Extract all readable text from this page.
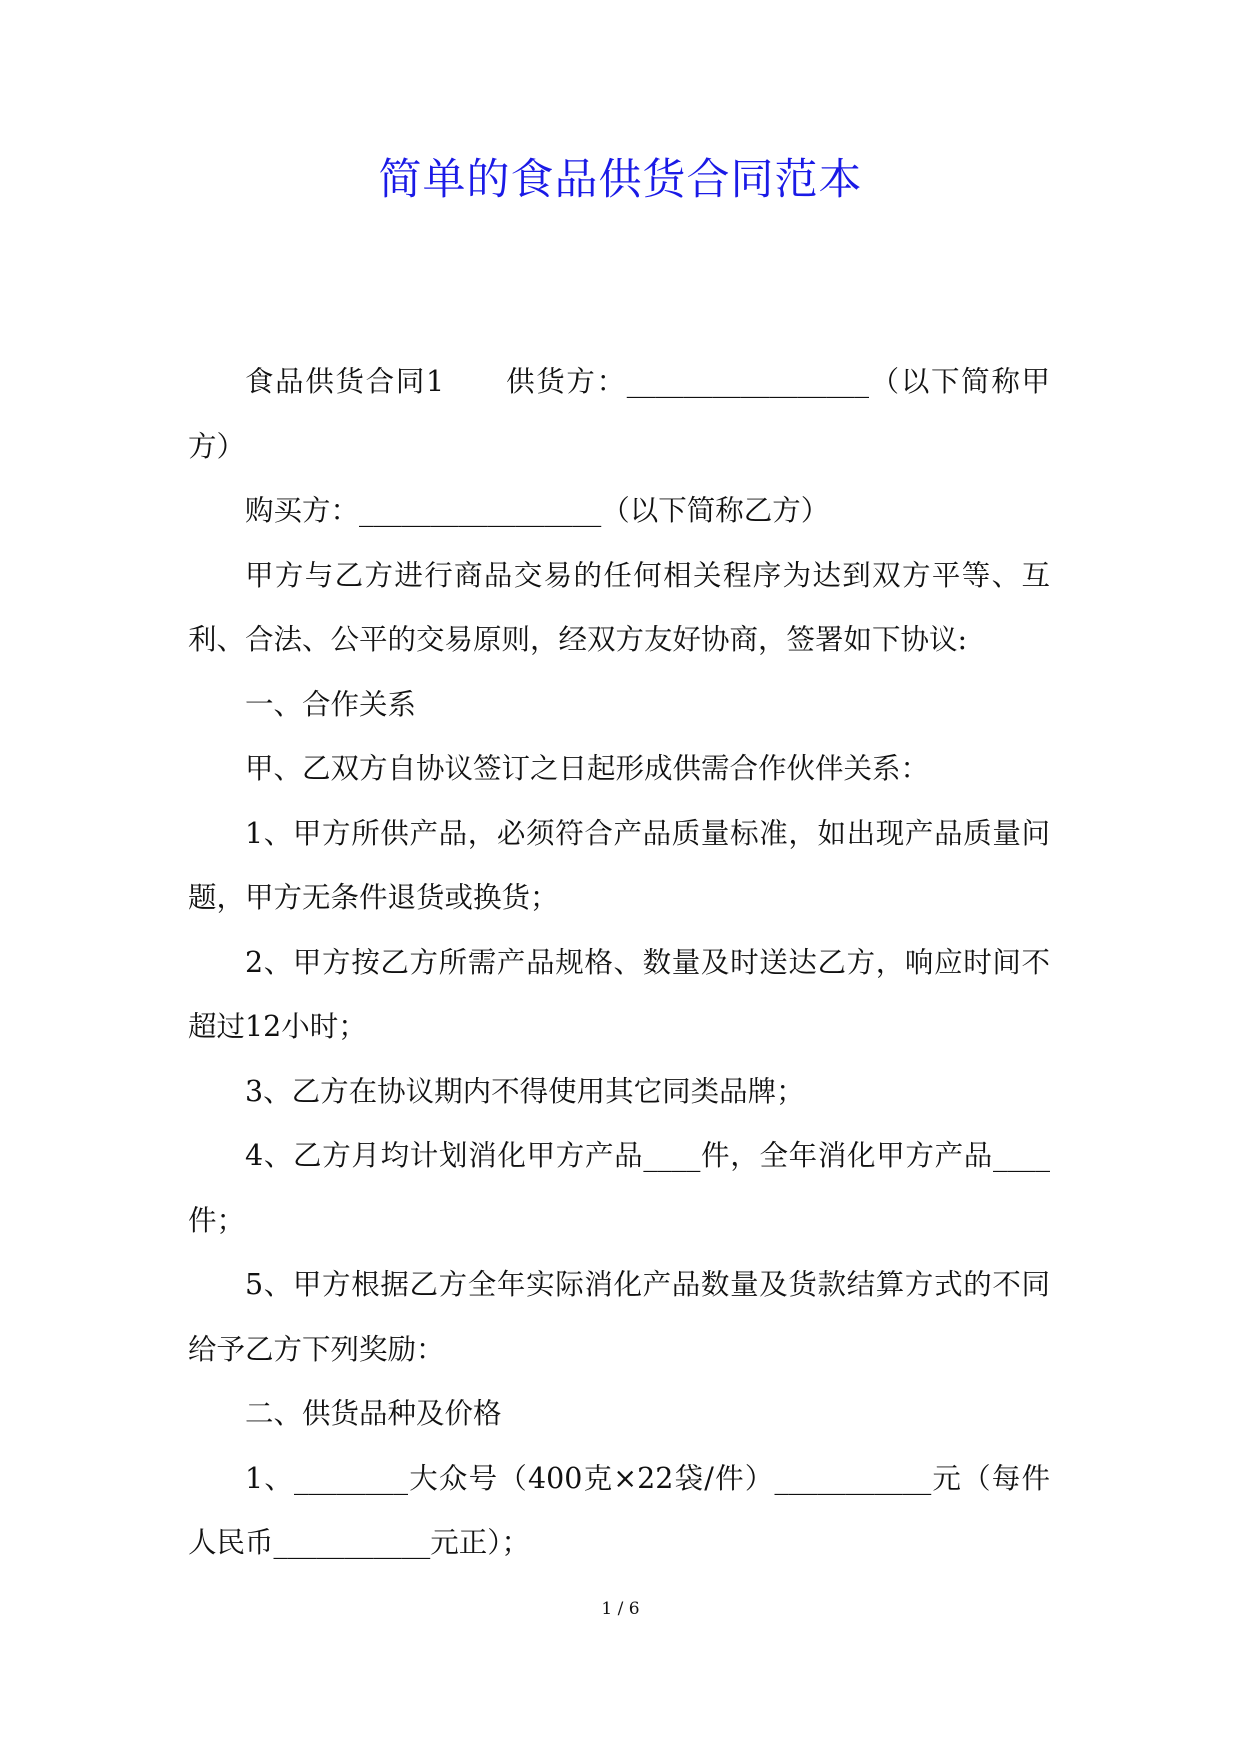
简单的食品供货合同范本

食品供货合同1　　供货方：_________________（以下简称甲方）

购买方：_________________（以下简称乙方）

甲方与乙方进行商品交易的任何相关程序为达到双方平等、互利、合法、公平的交易原则，经双方友好协商，签署如下协议:

一、合作关系

甲、乙双方自协议签订之日起形成供需合作伙伴关系：

1、甲方所供产品，必须符合产品质量标准，如出现产品质量问题，甲方无条件退货或换货；

2、甲方按乙方所需产品规格、数量及时送达乙方，响应时间不超过12小时；

3、乙方在协议期内不得使用其它同类品牌；

4、乙方月均计划消化甲方产品____件，全年消化甲方产品____件；

5、甲方根据乙方全年实际消化产品数量及货款结算方式的不同给予乙方下列奖励：

二、供货品种及价格

1、________大众号（400克×22袋/件）___________元（每件人民币___________元正）；

1 / 6
